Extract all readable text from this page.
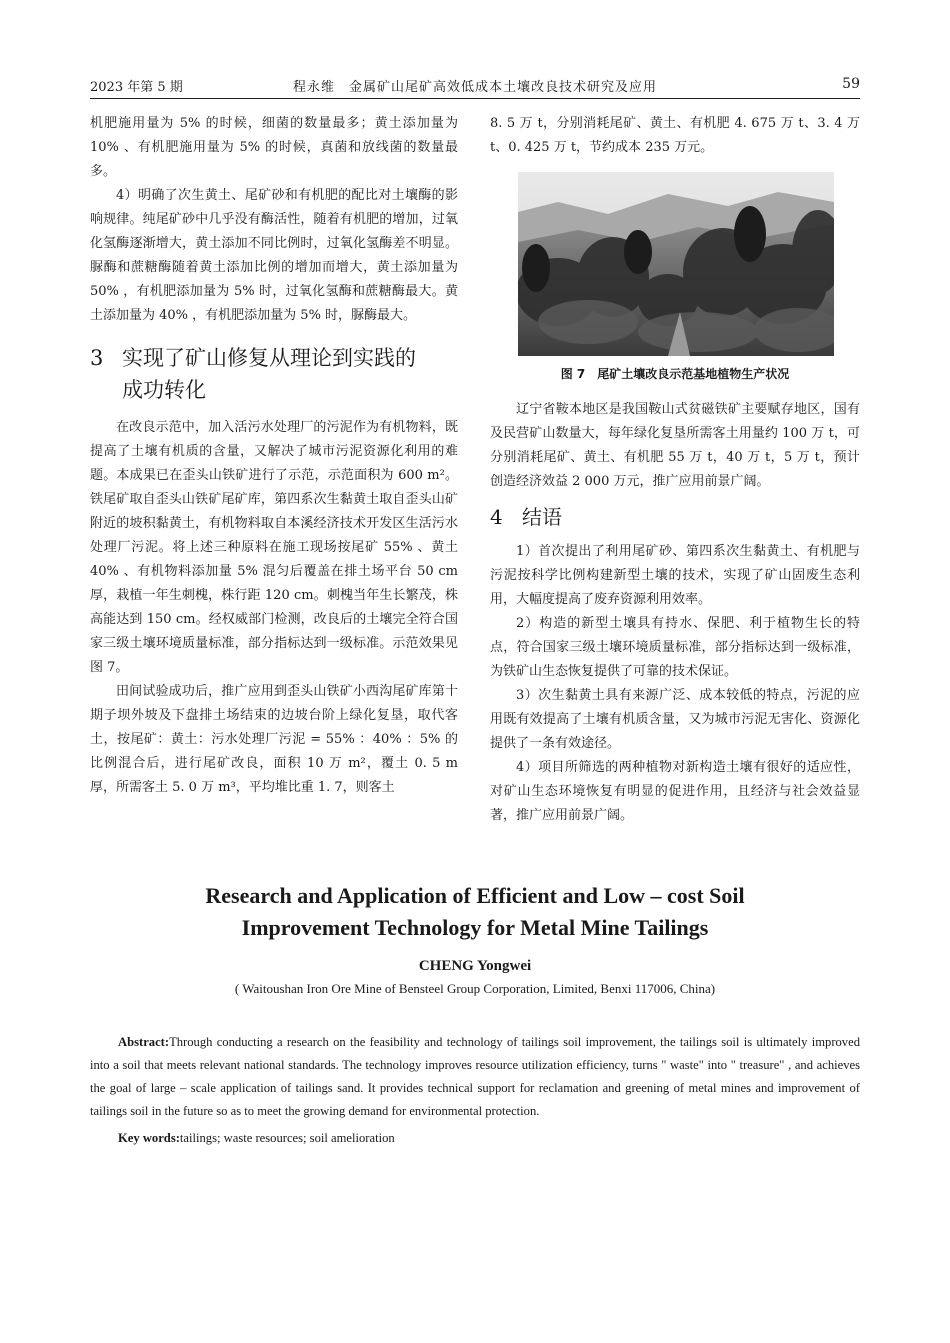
2023 年第 5 期	程永维　金属矿山尾矿高效低成本土壤改良技术研究及应用	59

机肥施用量为 5% 的时候，细菌的数量最多；黄土添加量为 10% 、有机肥施用量为 5% 的时候，真菌和放线菌的数量最多。

4）明确了次生黄土、尾矿砂和有机肥的配比对土壤酶的影响规律。纯尾矿砂中几乎没有酶活性，随着有机肥的增加，过氧化氢酶逐渐增大，黄土添加不同比例时，过氧化氢酶差不明显。脲酶和蔗糖酶随着黄土添加比例的增加而增大，黄土添加量为 50% ，有机肥添加量为 5% 时，过氧化氢酶和蔗糖酶最大。黄土添加量为 40% ，有机肥添加量为 5% 时，脲酶最大。

3 实现了矿山修复从理论到实践的
成功转化

在改良示范中，加入活污水处理厂的污泥作为有机物料，既提高了土壤有机质的含量，又解决了城市污泥资源化利用的难题。本成果已在歪头山铁矿进行了示范，示范面积为 600 m²。铁尾矿取自歪头山铁矿尾矿库，第四系次生黏黄土取自歪头山矿附近的坡积黏黄土，有机物料取自本溪经济技术开发区生活污水处理厂污泥。将上述三种原料在施工现场按尾矿 55% 、黄土 40% 、有机物料添加量 5% 混匀后覆盖在排土场平台 50 cm 厚，栽植一年生刺槐，株行距 120 cm。刺槐当年生长繁茂，株高能达到 150 cm。经权威部门检测，改良后的土壤完全符合国家三级土壤环境质量标准，部分指标达到一级标准。示范效果见图 7。

田间试验成功后，推广应用到歪头山铁矿小西沟尾矿库第十期子坝外坡及下盘排土场结束的边坡台阶上绿化复垦，取代客土，按尾矿：黄土：污水处理厂污泥 = 55% ：40% ：5% 的比例混合后，进行尾矿改良，面积 10 万 m²，覆土 0. 5 m 厚，所需客土 5. 0 万 m³，平均堆比重 1. 7，则客土

8. 5 万 t，分别消耗尾矿、黄土、有机肥 4. 675 万 t、3. 4 万 t、0. 425 万 t，节约成本 235 万元。

图 7　尾矿土壤改良示范基地植物生产状况

辽宁省鞍本地区是我国鞍山式贫磁铁矿主要赋存地区，国有及民营矿山数量大，每年绿化复垦所需客土用量约 100 万 t，可分别消耗尾矿、黄土、有机肥 55 万 t，40 万 t，5 万 t，预计创造经济效益 2 000 万元，推广应用前景广阔。

4 结语

1）首次提出了利用尾矿砂、第四系次生黏黄土、有机肥与污泥按科学比例构建新型土壤的技术，实现了矿山固废生态利用，大幅度提高了废弃资源利用效率。

2）构造的新型土壤具有持水、保肥、利于植物生长的特点，符合国家三级土壤环境质量标准，部分指标达到一级标准，为铁矿山生态恢复提供了可靠的技术保证。

3）次生黏黄土具有来源广泛、成本较低的特点，污泥的应用既有效提高了土壤有机质含量，又为城市污泥无害化、资源化提供了一条有效途径。

4）项目所筛选的两种植物对新构造土壤有很好的适应性，对矿山生态环境恢复有明显的促进作用，且经济与社会效益显著，推广应用前景广阔。

Research and Application of Efficient and Low – cost Soil
Improvement Technology for Metal Mine Tailings

CHENG Yongwei
( Waitoushan Iron Ore Mine of Bensteel Group Corporation, Limited, Benxi 117006, China)
Abstract:Through conducting a research on the feasibility and technology of tailings soil improvement, the tailings soil is ultimately improved into a soil that meets relevant national standards. The technology improves resource utilization efficiency, turns " waste" into " treasure" , and achieves the goal of large – scale application of tailings sand. It provides technical support for reclamation and greening of metal mines and improvement of tailings soil in the future so as to meet the growing demand for environmental protection.
Key words:tailings; waste resources; soil amelioration
